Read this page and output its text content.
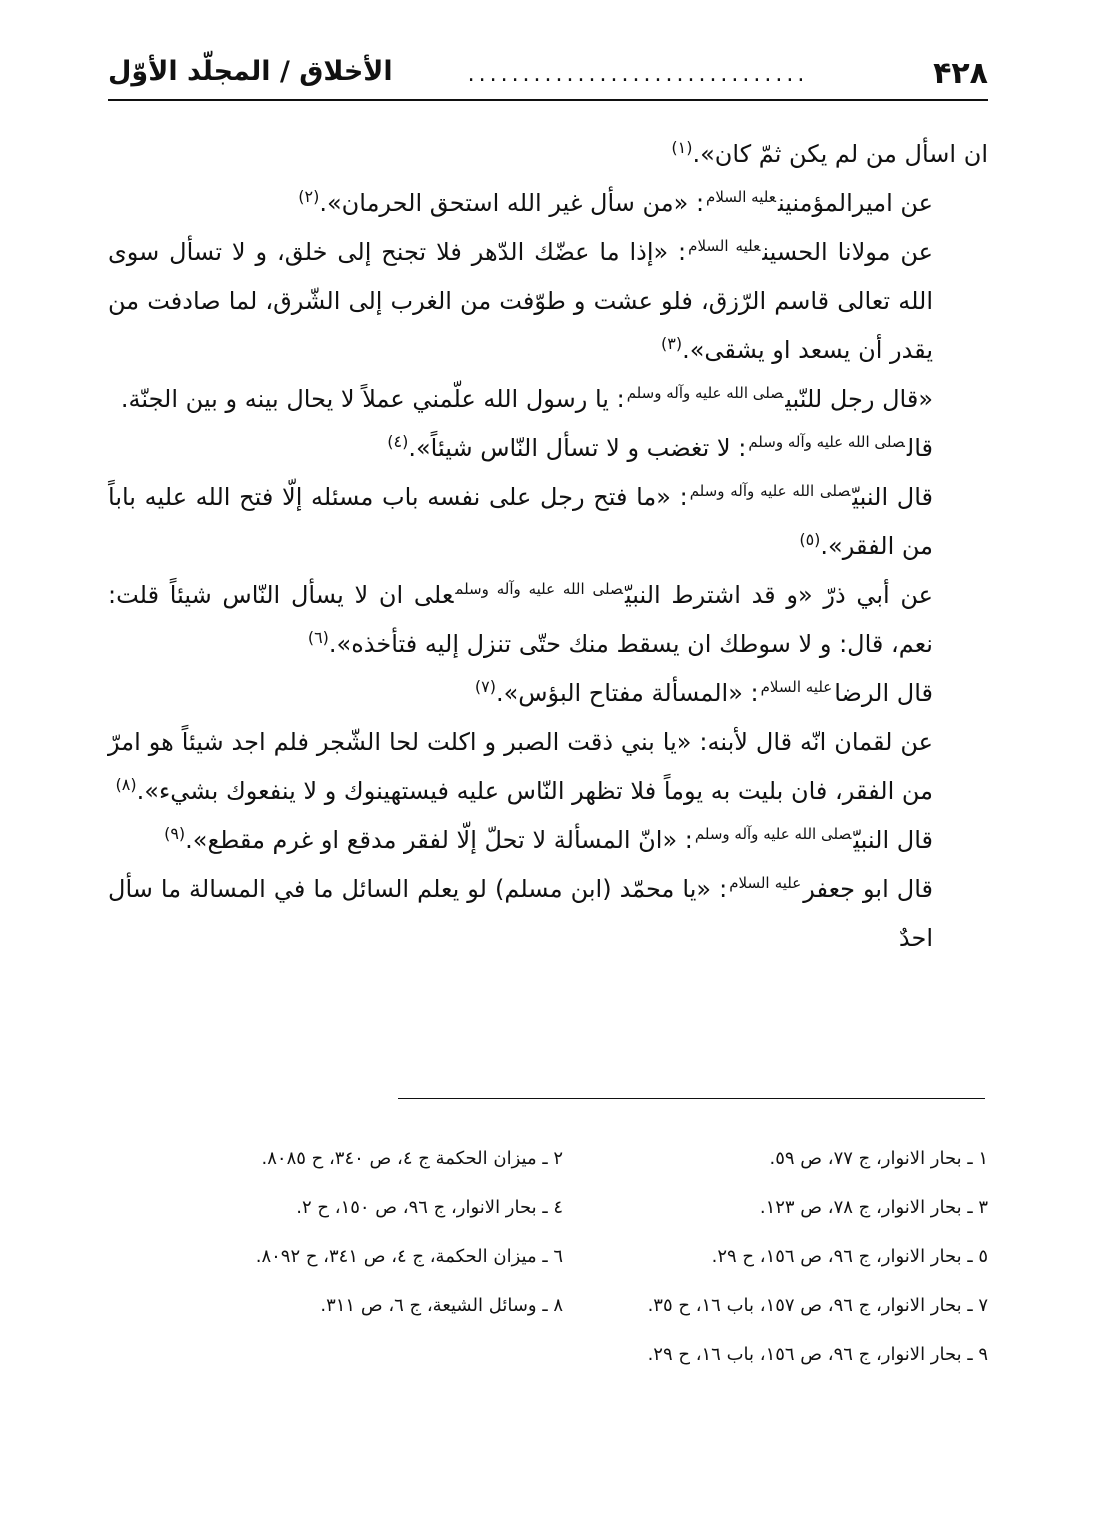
۴۲۸
...............................
الأخلاق / المجلّد الأوّل

ان اسأل من لم يكن ثمّ كان».$^{(۱)}$

عن اميرالمؤمنين$^{عليه السلام}$: «من سأل غير الله استحق الحرمان».$^{(۲)}$

عن مولانا الحسين$^{عليه السلام}$: «إذا ما عضّك الدّهر فلا تجنح إلى خلق، و لا تسأل سوى الله تعالى قاسم الرّزق، فلو عشت و طوّفت من الغرب إلى الشّرق، لما صادفت من يقدر أن يسعد او يشقى».$^{(۳)}$

«قال رجل للنّبي$^{صلى الله عليه وآله وسلم}$: يا رسول الله علّمني عملاً لا يحال بينه و بين الجنّة.

قال$^{صلى الله عليه وآله وسلم}$: لا تغضب و لا تسأل النّاس شيئاً».$^{(٤)}$

قال النبيّ$^{صلى الله عليه وآله وسلم}$: «ما فتح رجل على نفسه باب مسئله إلّا فتح الله عليه باباً من الفقر».$^{(٥)}$

عن أبي ذرّ «و قد اشترط النبيّ$^{صلى الله عليه وآله وسلم}$على ان لا يسأل النّاس شيئاً قلت: نعم، قال: و لا سوطك ان يسقط منك حتّى تنزل إليه فتأخذه».$^{(٦)}$

قال الرضا$^{عليه السلام}$: «المسألة مفتاح البؤس».$^{(۷)}$

عن لقمان انّه قال لأبنه: «يا بني ذقت الصبر و اكلت لحا الشّجر فلم اجد شيئاً هو امرّ من الفقر، فان بليت به يوماً فلا تظهر النّاس عليه فيستهينوك و لا ينفعوك بشيء».$^{(۸)}$

قال النبيّ$^{صلى الله عليه وآله وسلم}$: «انّ المسألة لا تحلّ إلّا لفقر مدقع او غرم مقطع».$^{(۹)}$

قال ابو جعفر$^{عليه السلام}$: «يا محمّد (ابن مسلم) لو يعلم السائل ما في المسالة ما سأل احدٌ

۱ ـ بحار الانوار، ج ۷۷، ص ٥۹.
۲ ـ ميزان الحكمة ج ٤، ص ۳٤۰، ح ۸۰۸٥.
۳ ـ بحار الانوار، ج ۷۸، ص ۱۲۳.
٤ ـ بحار الانوار، ج ٩٦، ص ۱٥۰، ح ۲.
٥ ـ بحار الانوار، ج ٩٦، ص ۱٥٦، ح ۲۹.
٦ ـ ميزان الحكمة، ج ٤، ص ۳٤۱، ح ۸۰۹۲.
۷ ـ بحار الانوار، ج ٩٦، ص ۱٥۷، باب ۱٦، ح ۳٥.
۸ ـ وسائل الشيعة، ج ٦، ص ۳۱۱.
۹ ـ بحار الانوار، ج ٩٦، ص ۱٥٦، باب ۱٦، ح ۲۹.
